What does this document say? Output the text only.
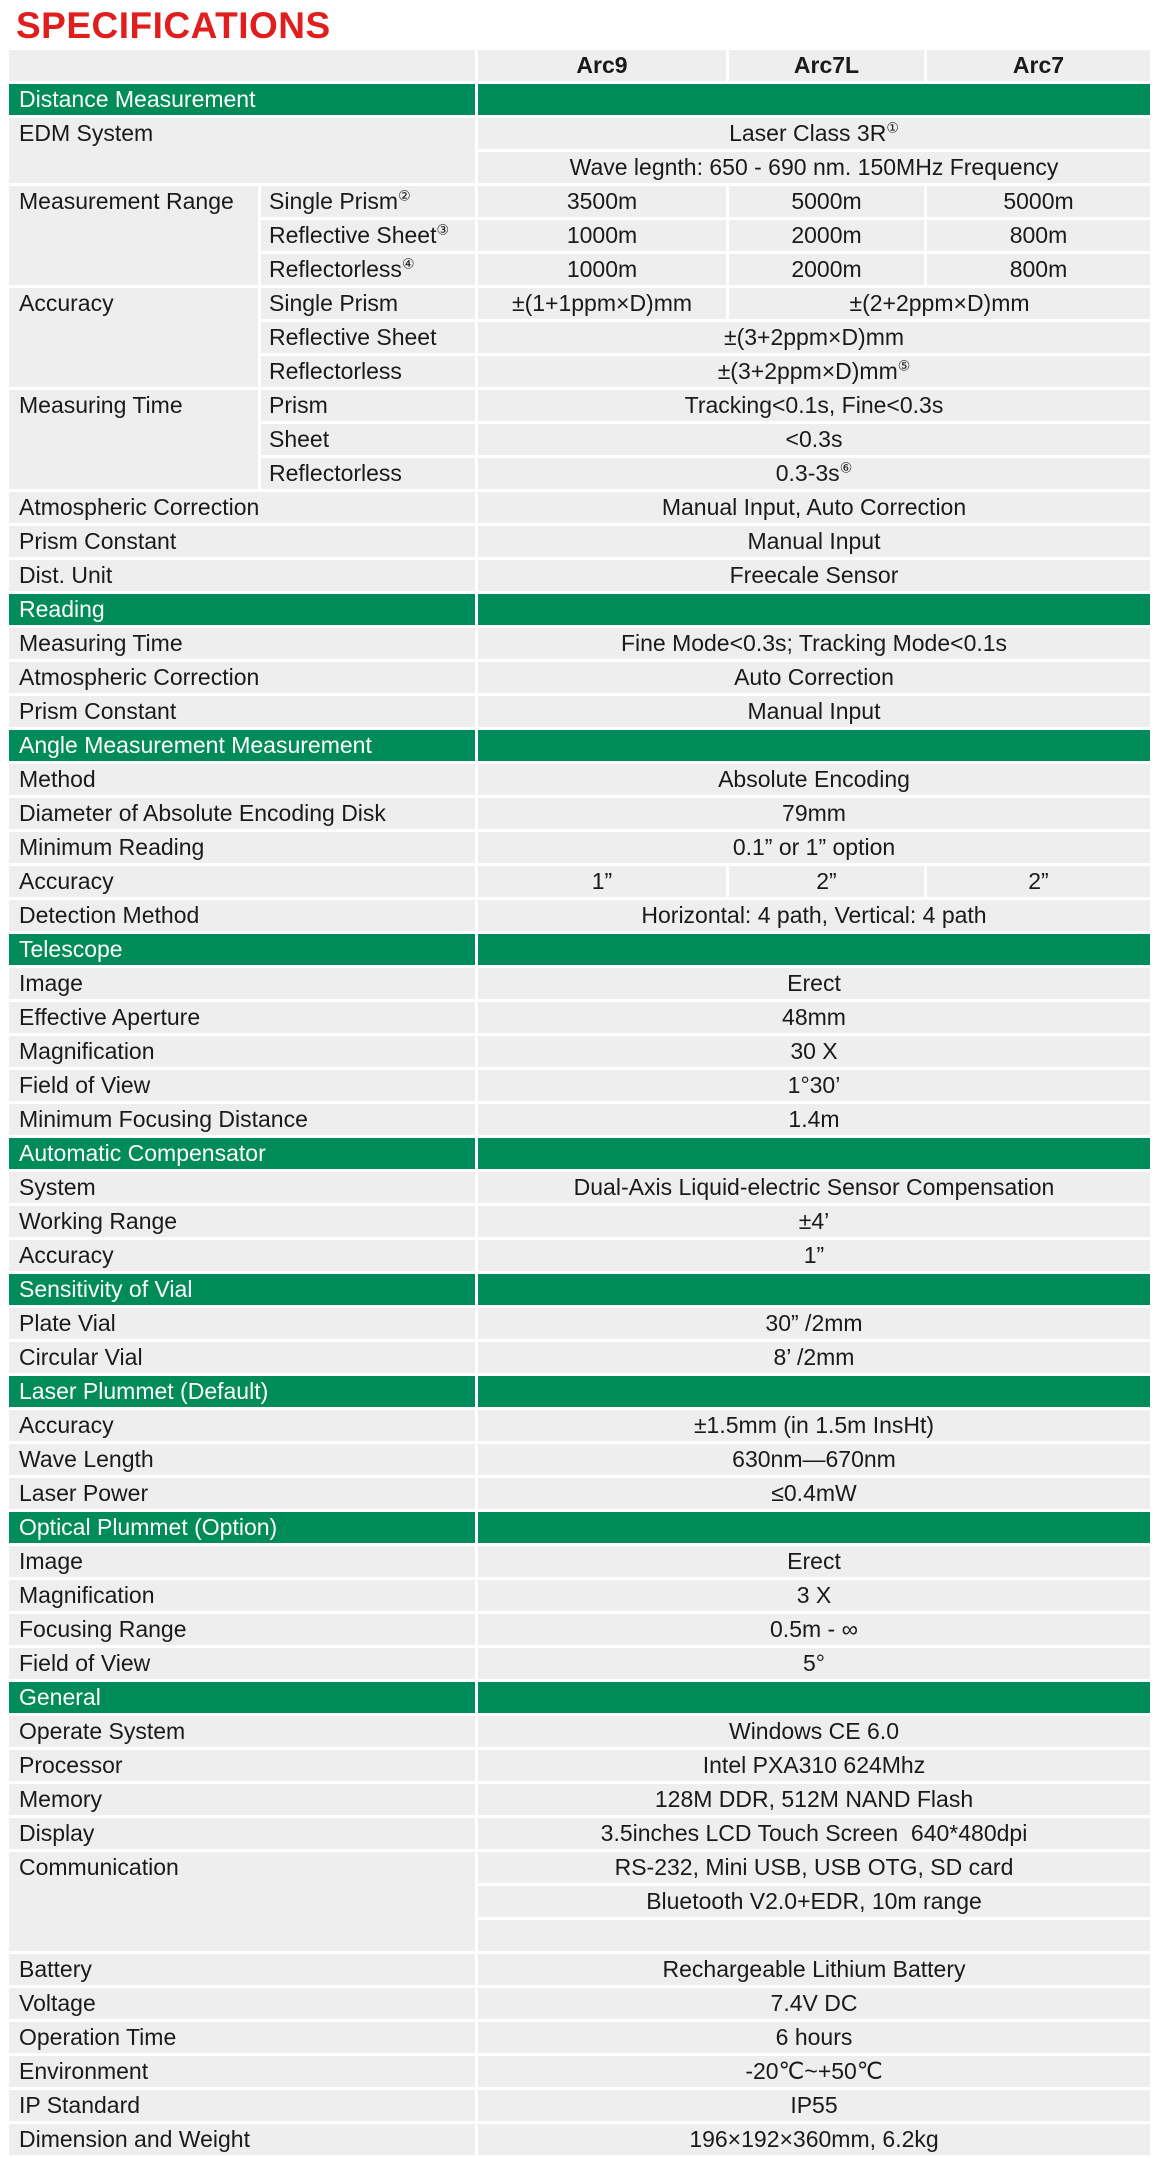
SPECIFICATIONS
		Arc9	Arc7L	Arc7
Distance Measurement				
EDM System		Laser Class 3R①
		Wave legnth: 650 - 690 nm. 150MHz Frequency		
Measurement Range	Single Prism②	3500m	5000m	5000m
	Reflective Sheet③	1000m	2000m	800m
	Reflectorless④	1000m	2000m	800m
Accuracy	Single Prism	±(1+1ppm×D)mm	±(2+2ppm×D)mm	
	Reflective Sheet	±(3+2ppm×D)mm		
	Reflectorless	±(3+2ppm×D)mm⑤
Measuring Time	Prism	Tracking<0.1s, Fine<0.3s		
	Sheet	<0.3s		
	Reflectorless	0.3-3s⑥
Atmospheric Correction		Manual Input, Auto Correction		
Prism Constant		Manual Input		
Dist. Unit		Freecale Sensor		
Reading				
Measuring Time		Fine Mode<0.3s; Tracking Mode<0.1s		
Atmospheric Correction		Auto Correction		
Prism Constant		Manual Input		
Angle Measurement Measurement				
Method		Absolute Encoding		
Diameter of Absolute Encoding Disk		79mm		
Minimum Reading		0.1” or 1” option		
Accuracy		1”	2”	2”
Detection Method		Horizontal: 4 path, Vertical: 4 path		
Telescope				
Image		Erect		
Effective Aperture		48mm		
Magnification		30 X		
Field of View		1°30’		
Minimum Focusing Distance		1.4m		
Automatic Compensator				
System		Dual-Axis Liquid-electric Sensor Compensation		
Working Range		±4’		
Accuracy		1”		
Sensitivity of Vial				
Plate Vial		30” /2mm		
Circular Vial		8’ /2mm		
Laser Plummet (Default)				
Accuracy		±1.5mm (in 1.5m InsHt)		
Wave Length		630nm—670nm		
Laser Power		≤0.4mW		
Optical Plummet (Option)				
Image		Erect		
Magnification		3 X		
Focusing Range		0.5m - ∞		
Field of View		5°		
General				
Operate System		Windows CE 6.0		
Processor		Intel PXA310 624Mhz		
Memory		128M DDR, 512M NAND Flash		
Display		3.5inches LCD Touch Screen  640*480dpi		
Communication		RS-232, Mini USB, USB OTG, SD card		
		Bluetooth V2.0+EDR, 10m range		

Battery		Rechargeable Lithium Battery		
Voltage		7.4V DC		
Operation Time		6 hours		
Environment		-20℃~+50℃		
IP Standard		IP55		
Dimension and Weight		196×192×360mm, 6.2kg		
